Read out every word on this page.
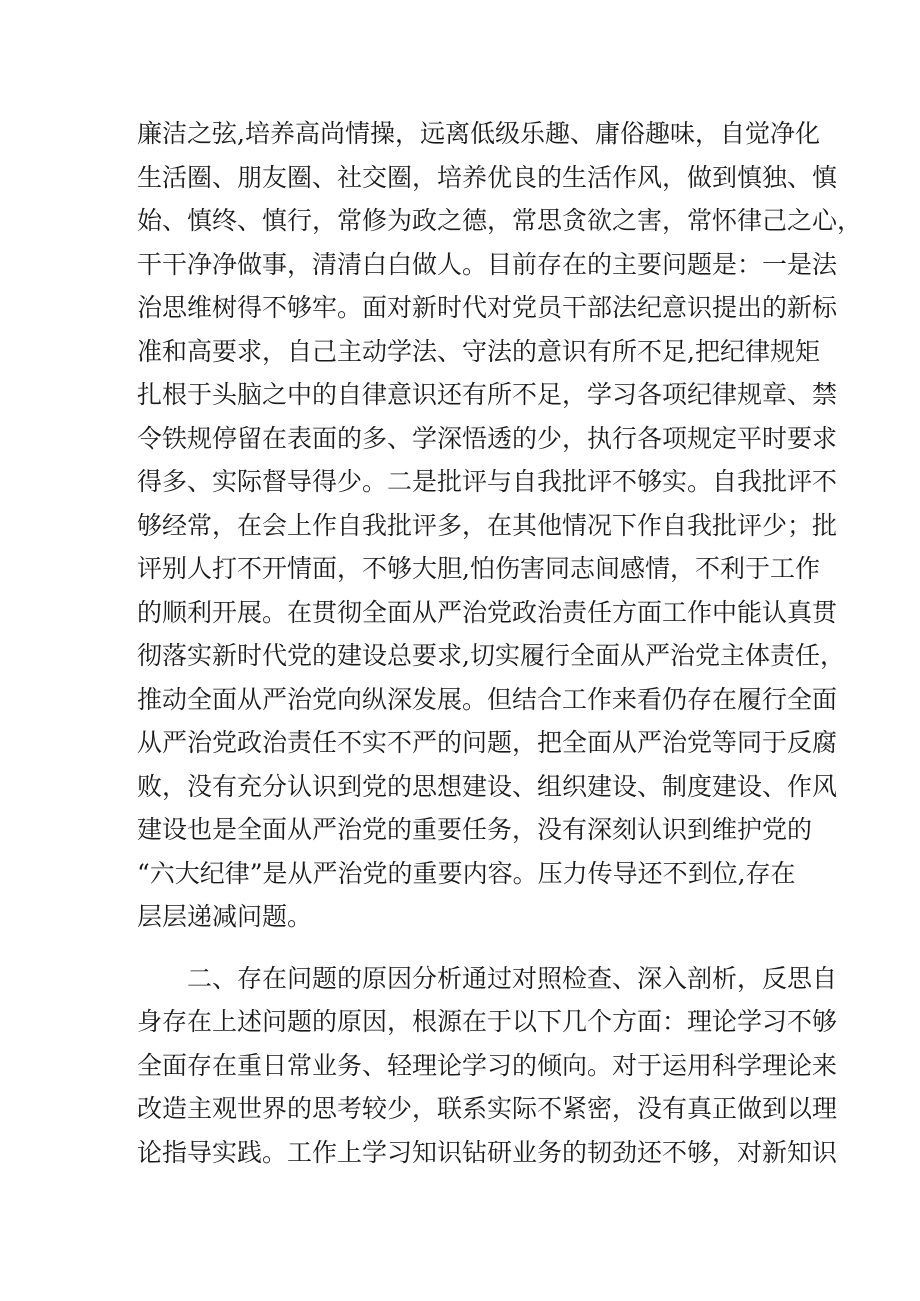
廉洁之弦,培养高尚情操，远离低级乐趣、庸俗趣味，自觉净化
生活圈、朋友圈、社交圈，培养优良的生活作风，做到慎独、慎
始、慎终、慎行，常修为政之德，常思贪欲之害，常怀律己之心，
干干净净做事，清清白白做人。目前存在的主要问题是：一是法
治思维树得不够牢。面对新时代对党员干部法纪意识提出的新标
准和高要求，自己主动学法、守法的意识有所不足,把纪律规矩
扎根于头脑之中的自律意识还有所不足，学习各项纪律规章、禁
令铁规停留在表面的多、学深悟透的少，执行各项规定平时要求
得多、实际督导得少。二是批评与自我批评不够实。自我批评不
够经常，在会上作自我批评多，在其他情况下作自我批评少；批
评别人打不开情面，不够大胆,怕伤害同志间感情，不利于工作
的顺利开展。在贯彻全面从严治党政治责任方面工作中能认真贯
彻落实新时代党的建设总要求,切实履行全面从严治党主体责任，
推动全面从严治党向纵深发展。但结合工作来看仍存在履行全面
从严治党政治责任不实不严的问题，把全面从严治党等同于反腐
败，没有充分认识到党的思想建设、组织建设、制度建设、作风
建设也是全面从严治党的重要任务，没有深刻认识到维护党的
“六大纪律”是从严治党的重要内容。压力传导还不到位,存在
层层递减问题。
二、存在问题的原因分析通过对照检查、深入剖析，反思自
身存在上述问题的原因，根源在于以下几个方面：理论学习不够
全面存在重日常业务、轻理论学习的倾向。对于运用科学理论来
改造主观世界的思考较少，联系实际不紧密，没有真正做到以理
论指导实践。工作上学习知识钻研业务的韧劲还不够，对新知识
